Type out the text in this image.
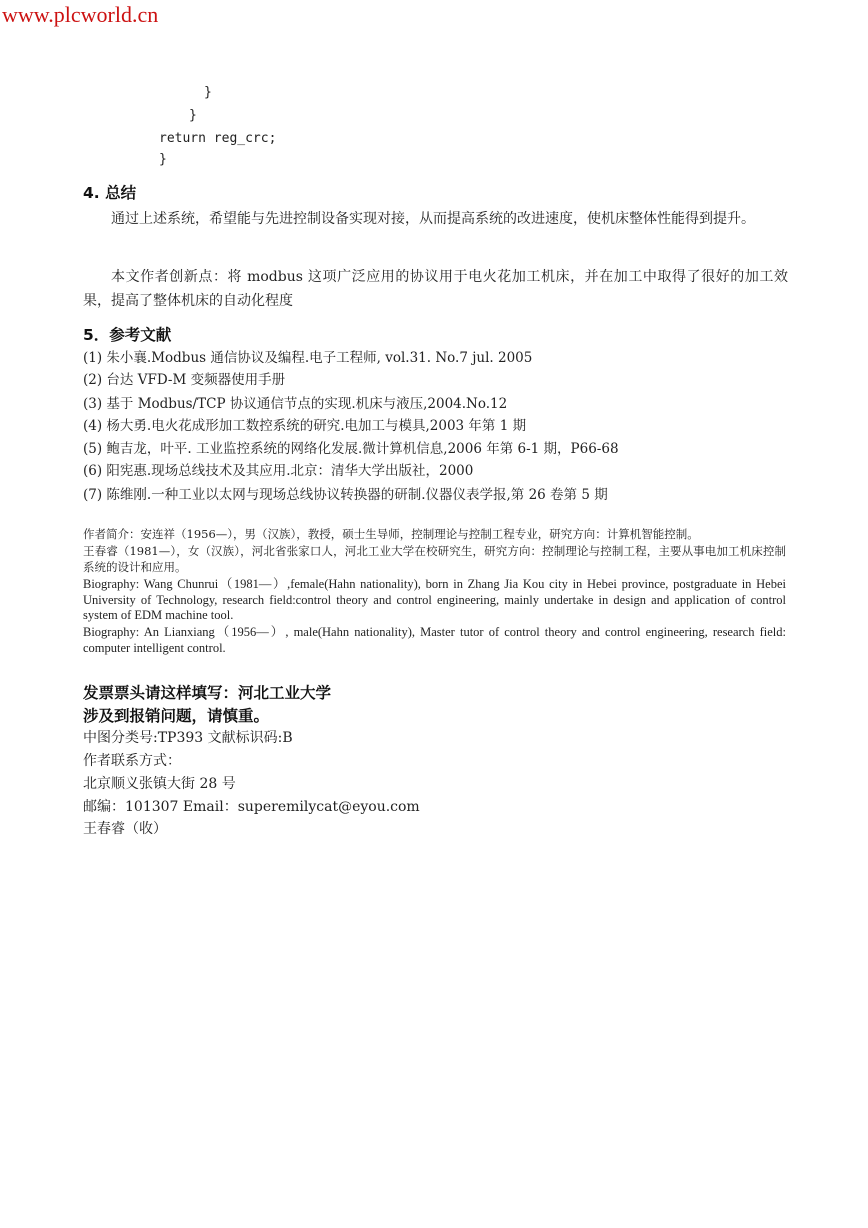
www.plcworld.cn
}
}
return reg_crc;
}
4. 总结
通过上述系统，希望能与先进控制设备实现对接，从而提高系统的改进速度，使机床整体性能得到提升。
本文作者创新点：将 modbus 这项广泛应用的协议用于电火花加工机床，并在加工中取得了很好的加工效果，提高了整体机床的自动化程度
5．参考文献
(1) 朱小襄.Modbus 通信协议及编程.电子工程师, vol.31. No.7 jul. 2005
(2) 台达 VFD-M 变频器使用手册
(3) 基于 Modbus/TCP 协议通信节点的实现.机床与液压,2004.No.12
(4) 杨大勇.电火花成形加工数控系统的研究.电加工与模具,2003 年第 1 期
(5) 鲍吉龙，叶平. 工业监控系统的网络化发展.微计算机信息,2006 年第 6-1 期，P66-68
(6) 阳宪惠.现场总线技术及其应用.北京：清华大学出版社，2000
(7) 陈维刚.一种工业以太网与现场总线协议转换器的研制.仪器仪表学报,第 26 卷第 5 期
作者简介：安连祥（1956—），男（汉族），教授，硕士生导师，控制理论与控制工程专业，研究方向：计算机智能控制。
王春睿（1981—），女（汉族），河北省张家口人，河北工业大学在校研究生，研究方向：控制理论与控制工程，主要从事电加工机床控制系统的设计和应用。
Biography: Wang Chunrui（1981—）,female(Hahn nationality), born in Zhang Jia Kou city in Hebei province, postgraduate in Hebei University of Technology, research field:control theory and control engineering, mainly undertake in design and application of control system of EDM machine tool.
Biography: An Lianxiang（1956—）, male(Hahn nationality), Master tutor of control theory and control engineering, research field: computer intelligent control.
发票票头请这样填写：河北工业大学
涉及到报销问题，请慎重。
中图分类号:TP393 文献标识码:B
作者联系方式：
北京顺义张镇大街 28 号
邮编：101307 Email：superemilycat@eyou.com
王春睿（收）
